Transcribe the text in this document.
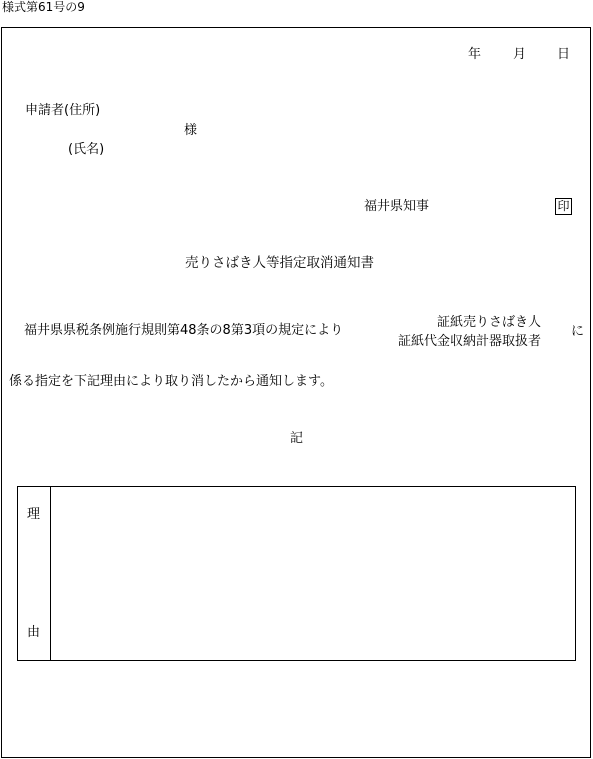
様式第61号の9
年 月 日
申請者(住所)
様
(氏名)
福井県知事	印
売りさばき人等指定取消通知書
福井県県税条例施行規則第48条の8第3項の規定により
証紙売りさばき人
証紙代金収納計器取扱者
に
係る指定を下記理由により取り消したから通知します。
記
理
由
